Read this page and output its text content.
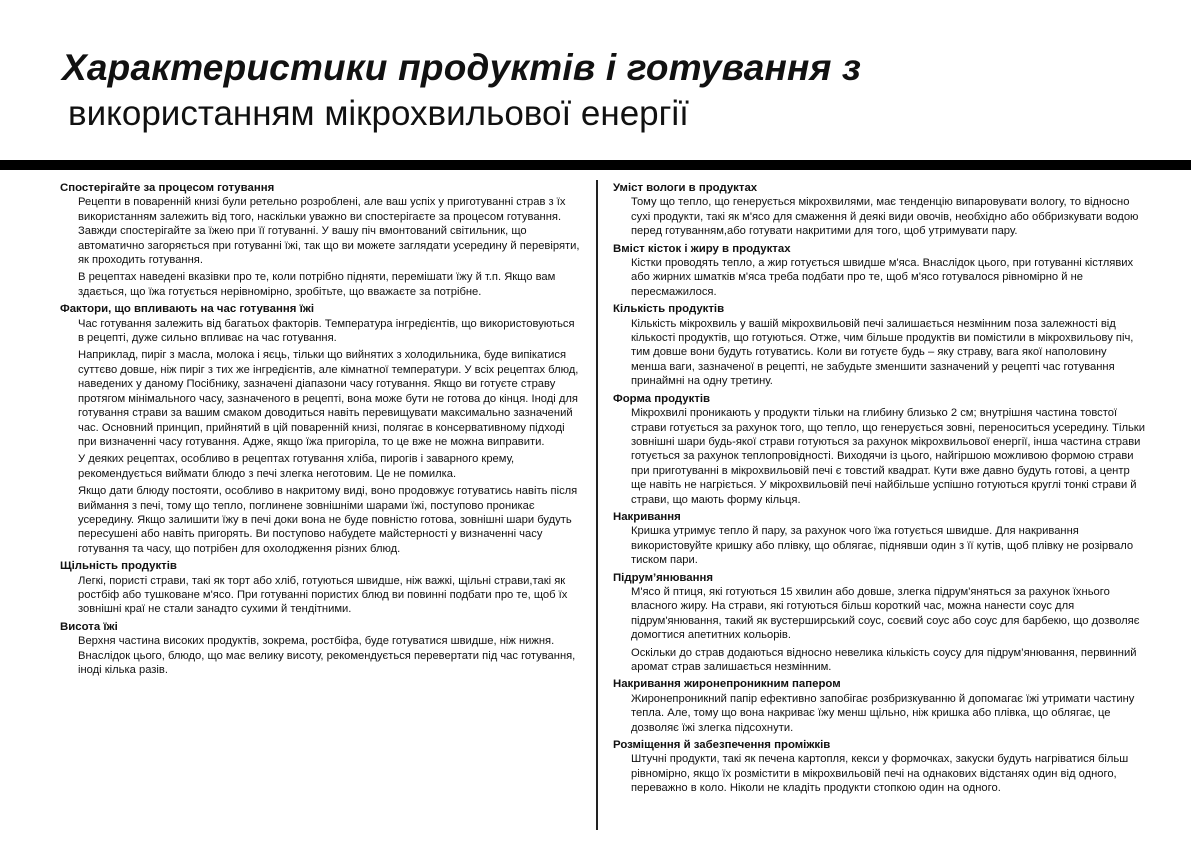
Характеристики продуктів і готування з
використанням мікрохвильової енергії
Спостерігайте за процесом готування
Рецепти в поваренній книзі були ретельно розроблені, але ваш успіх у приготуванні страв з їх використанням залежить від того, наскільки уважно ви спостерігаєте за процесом готування. Завжди спостерігайте за їжею при її готуванні. У вашу піч вмонтований світильник, що автоматично загоряється при готуванні їжі, так що ви можете заглядати усередину й перевіряти, як проходить готування.
В рецептах наведені вказівки про те, коли потрібно підняти, перемішати їжу й т.п. Якщо вам здається, що їжа готується нерівномірно, зробітьте, що вважаєте за потрібне.
Фактори, що впливають на час готування їжі
Час готування залежить від багатьох факторів. Температура інгредієнтів, що використовуються в рецепті, дуже сильно впливає на час готування.
Наприклад, пиріг з масла, молока і яєць, тільки що вийнятих з холодильника, буде випікатися суттєво довше, ніж пиріг з тих же інгредієнтів, але кімнатної температури. У всіх рецептах блюд, наведених у даному Посібнику, зазначені діапазони часу готування. Якщо ви готуєте страву протягом мінімального часу, зазначеного в рецепті, вона може бути не готова до кінця. Іноді для готування страви за вашим смаком доводиться навіть перевищувати максимально зазначений час. Основний принцип, прийнятий в цій поваренній книзі, полягає в консервативному підході при визначенні часу готування. Адже, якщо їжа пригоріла, то це вже не можна виправити.
У деяких рецептах, особливо в рецептах готування хліба, пирогів і заварного крему, рекомендується виймати блюдо з печі злегка неготовим. Це не помилка.
Якщо дати блюду постояти, особливо в накритому виді, воно продовжує готуватись навіть після виймання з печі, тому що тепло, поглинене зовнішніми шарами їжі, поступово проникає усередину. Якщо залишити їжу в печі доки вона не буде повністю готова, зовнішні шари будуть пересушені або навіть пригорять. Ви поступово набудете майстерності у визначенні часу готування та часу, що потрібен для охолодження різних блюд.
Щільність продуктів
Легкі, пористі страви, такі як торт або хліб, готуються швидше, ніж важкі, щільні страви,такі як ростбіф або тушковане м'ясо. При готуванні пористих блюд ви повинні подбати про те, щоб їх зовнішні краї не стали занадто сухими й тендітними.
Висота їжі
Верхня частина високих продуктів, зокрема, ростбіфа, буде готуватися швидше, ніж нижня. Внаслідок цього, блюдо, що має велику висоту, рекомендується перевертати під час готування, іноді кілька разів.
Уміст вологи в продуктах
Тому що тепло, що генерується мікрохвилями, має тенденцію випаровувати вологу, то відносно сухі продукти, такі як м'ясо для смаження й деякі види овочів, необхідно або оббризкувати водою перед готуванням,або готувати накритими для того, щоб утримувати пару.
Вміст кісток і жиру в продуктах
Кістки проводять тепло, а жир готується швидше м'яса. Внаслідок цього, при готуванні кістлявих або жирних шматків м'яса треба подбати про те, щоб м'ясо готувалося рівномірно й не пересмажилося.
Кількість продуктів
Кількість мікрохвиль у вашій мікрохвильовій печі залишається незмінним поза залежності від кількості продуктів, що готуються. Отже, чим більше продуктів ви помістили в мікрохвильову піч, тим довше вони будуть готуватись. Коли ви готуєте будь – яку страву, вага якої наполовину менша ваги, зазначеної в рецепті, не забудьте зменшити зазначений у рецепті час готування принаймні на одну третину.
Форма продуктів
Мікрохвилі проникають у продукти тільки на глибину близько 2 см; внутрішня частина товстої страви готується за рахунок того, що тепло, що генерується зовні, переноситься усередину. Тільки зовнішні шари будь-якої страви готуються за рахунок мікрохвильової енергії, інша частина страви готується за рахунок теплопровідності. Виходячи із цього, найгіршою можливою формою страви при приготуванні в мікрохвильовій печі є товстий квадрат. Кути вже давно будуть готові, а центр ще навіть не нагріється. У мікрохвильовій печі найбільше успішно готуються круглі тонкі страви й страви, що мають форму кільця.
Накривання
Кришка утримує тепло й пару, за рахунок чого їжа готується швидше. Для накривання використовуйте кришку або плівку, що облягає, піднявши один з її кутів, щоб плівку не розірвало тиском пари.
Підрум’янювання
М'ясо й птиця, які готуються 15 хвилин або довше, злегка підрум'яняться за рахунок їхнього власного жиру. На страви, які готуються більш короткий час, можна нанести соус для підрум'янювання, такий як вустерширський соус, соєвий соус або соус для барбекю, що дозволяє домогтися апетитних кольорів.
Оскільки до страв додаються відносно невелика кількість соусу для підрум’янювання, первинний аромат страв залишається незмінним.
Накривання жиронепроникним папером
Жиронепроникний папір ефективно запобігає розбризкуванню й допомагає їжі утримати частину тепла. Але, тому що вона накриває їжу менш щільно, ніж кришка або плівка, що облягає, це дозволяє їжі злегка підсохнути.
Розміщення й забезпечення проміжків
Штучні продукти, такі як печена картопля, кекси у формочках, закуски будуть нагріватися більш рівномірно, якщо їх розмістити в мікрохвильовій печі на однакових відстанях один від одного, переважно в коло. Ніколи не кладіть продукти стопкою один на одного.
